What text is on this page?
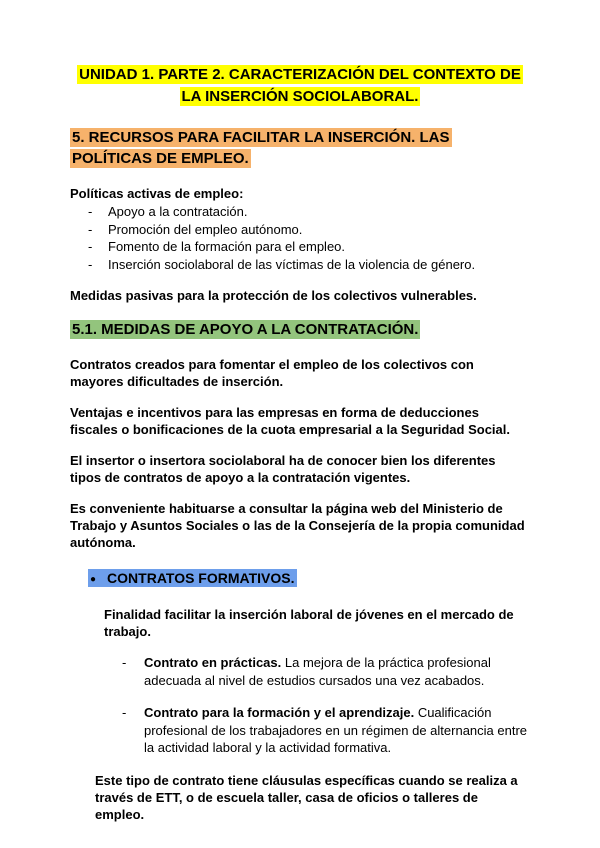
UNIDAD 1. PARTE 2. CARACTERIZACIÓN DEL CONTEXTO DE LA INSERCIÓN SOCIOLABORAL.
5. RECURSOS PARA FACILITAR LA INSERCIÓN. LAS POLÍTICAS DE EMPLEO.

Políticas activas de empleo:

-	Apoyo a la contratación.
-	Promoción del empleo autónomo.
-	Fomento de la formación para el empleo.
-	Inserción sociolaboral de las víctimas de la violencia de género.

Medidas pasivas para la protección de los colectivos vulnerables.

5.1. MEDIDAS DE APOYO A LA CONTRATACIÓN.

Contratos creados para fomentar el empleo de los colectivos con mayores dificultades de inserción.

Ventajas e incentivos para las empresas en forma de deducciones fiscales o bonificaciones de la cuota empresarial a la Seguridad Social.

El insertor o insertora sociolaboral ha de conocer bien los diferentes tipos de contratos de apoyo a la contratación vigentes.

Es conveniente habituarse a consultar la página web del Ministerio de Trabajo y Asuntos Sociales o las de la Consejería de la propia comunidad autónoma.

● CONTRATOS FORMATIVOS.

Finalidad facilitar la inserción laboral de jóvenes en el mercado de trabajo.

-	Contrato en prácticas. La mejora de la práctica profesional adecuada al nivel de estudios cursados una vez acabados.
-	Contrato para la formación y el aprendizaje. Cualificación profesional de los trabajadores en un régimen de alternancia entre la actividad laboral y la actividad formativa.

Este tipo de contrato tiene cláusulas específicas cuando se realiza a través de ETT, o de escuela taller, casa de oficios o talleres de empleo.
